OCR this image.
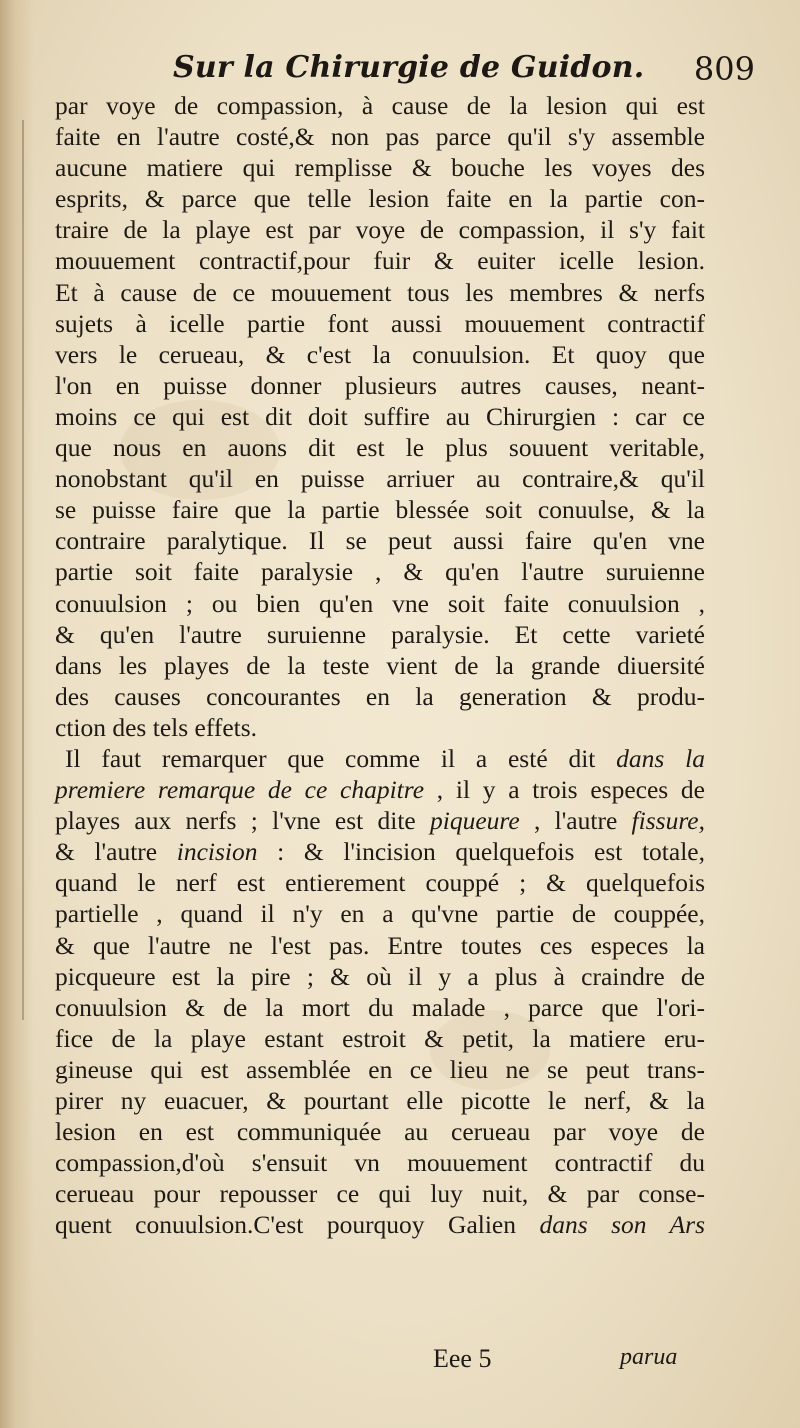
Sur la Chirurgie de Guidon. 809
par voye de compassion, à cause de la lesion qui est
faite en l'autre costé,& non pas parce qu'il s'y assemble
aucune matiere qui remplisse & bouche les voyes des
esprits, & parce que telle lesion faite en la partie con-
traire de la playe est par voye de compassion, il s'y fait
mouuement contractif,pour fuir & euiter icelle lesion.
Et à cause de ce mouuement tous les membres & nerfs
sujets à icelle partie font aussi mouuement contractif
vers le cerueau, & c'est la conuulsion. Et quoy que
l'on en puisse donner plusieurs autres causes, neant-
moins ce qui est dit doit suffire au Chirurgien : car ce
que nous en auons dit est le plus souuent veritable,
nonobstant qu'il en puisse arriuer au contraire,& qu'il
se puisse faire que la partie blessée soit conuulse, & la
contraire paralytique. Il se peut aussi faire qu'en vne
partie soit faite paralysie , & qu'en l'autre suruienne
conuulsion ; ou bien qu'en vne soit faite conuulsion ,
& qu'en l'autre suruienne paralysie. Et cette varieté
dans les playes de la teste vient de la grande diuersité
des causes concourantes en la generation & produ-
ction des tels effets.
Il faut remarquer que comme il a esté dit dans la
premiere remarque de ce chapitre , il y a trois especes de
playes aux nerfs ; l'vne est dite piqueure , l'autre fissure,
& l'autre incision : & l'incision quelquefois est totale,
quand le nerf est entierement couppé ; & quelquefois
partielle , quand il n'y en a qu'vne partie de couppée,
& que l'autre ne l'est pas. Entre toutes ces especes la
picqueure est la pire ; & où il y a plus à craindre de
conuulsion & de la mort du malade , parce que l'ori-
fice de la playe estant estroit & petit, la matiere eru-
gineuse qui est assemblée en ce lieu ne se peut trans-
pirer ny euacuer, & pourtant elle picotte le nerf, & la
lesion en est communiquée au cerueau par voye de
compassion,d'où s'ensuit vn mouuement contractif du
cerueau pour repousser ce qui luy nuit, & par conse-
quent conuulsion.C'est pourquoy Galien dans son Ars
Eee 5	parua
